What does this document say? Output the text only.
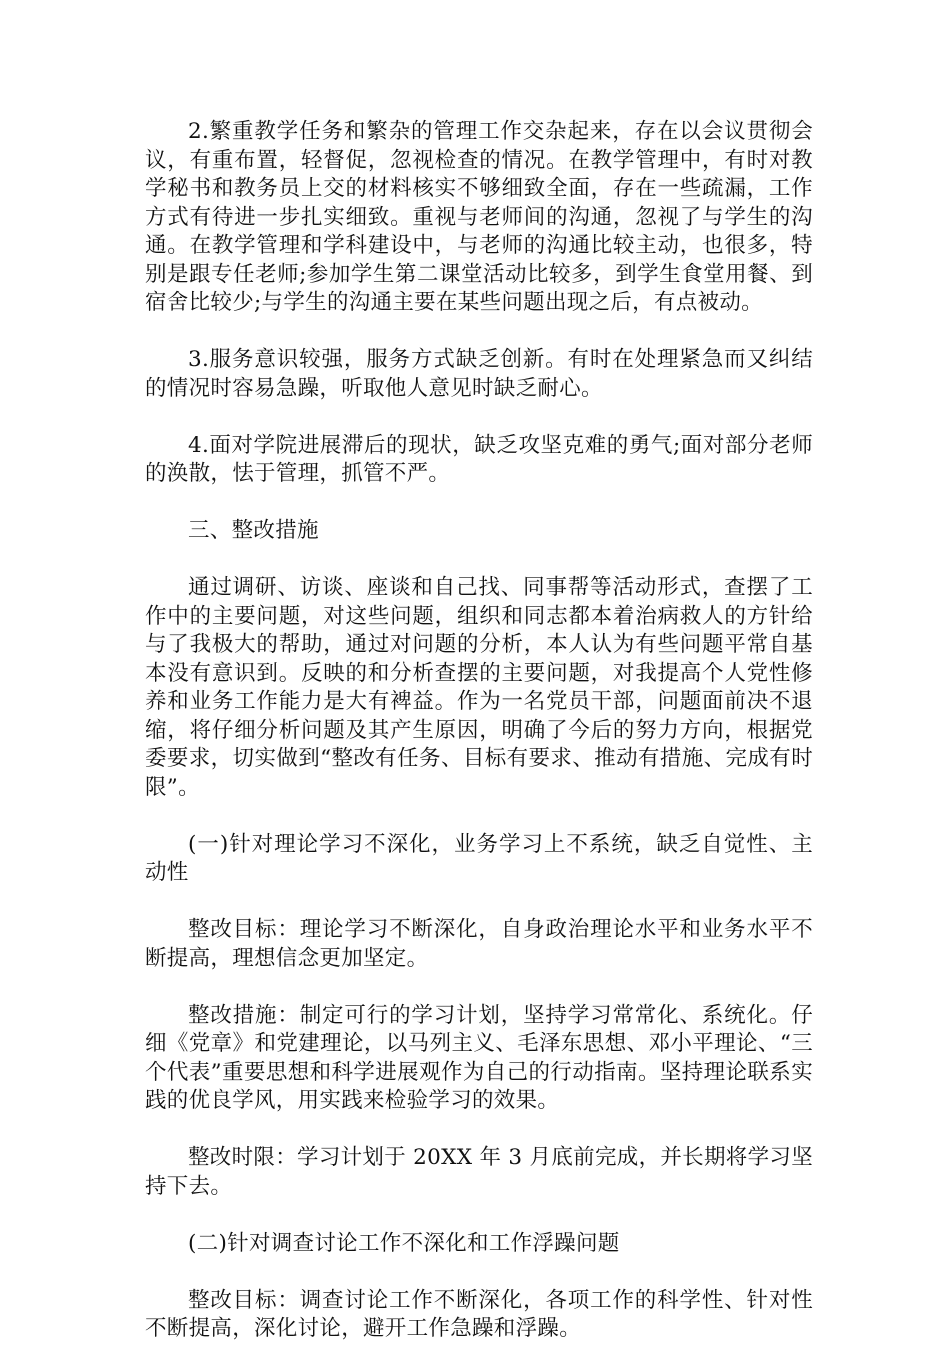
2.繁重教学任务和繁杂的管理工作交杂起来，存在以会议贯彻会议，有重布置，轻督促，忽视检查的情况。在教学管理中，有时对教学秘书和教务员上交的材料核实不够细致全面，存在一些疏漏，工作方式有待进一步扎实细致。重视与老师间的沟通，忽视了与学生的沟通。在教学管理和学科建设中，与老师的沟通比较主动，也很多，特别是跟专任老师;参加学生第二课堂活动比较多，到学生食堂用餐、到宿舍比较少;与学生的沟通主要在某些问题出现之后，有点被动。

3.服务意识较强，服务方式缺乏创新。有时在处理紧急而又纠结的情况时容易急躁，听取他人意见时缺乏耐心。

4.面对学院进展滞后的现状，缺乏攻坚克难的勇气;面对部分老师的涣散，怯于管理，抓管不严。

三、整改措施

通过调研、访谈、座谈和自己找、同事帮等活动形式，查摆了工作中的主要问题，对这些问题，组织和同志都本着治病救人的方针给与了我极大的帮助，通过对问题的分析，本人认为有些问题平常自基本没有意识到。反映的和分析查摆的主要问题，对我提高个人党性修养和业务工作能力是大有裨益。作为一名党员干部，问题面前决不退缩，将仔细分析问题及其产生原因，明确了今后的努力方向，根据党委要求，切实做到“整改有任务、目标有要求、推动有措施、完成有时限”。

(一)针对理论学习不深化，业务学习上不系统，缺乏自觉性、主动性

整改目标：理论学习不断深化，自身政治理论水平和业务水平不断提高，理想信念更加坚定。

整改措施：制定可行的学习计划，坚持学习常常化、系统化。仔细《党章》和党建理论，以马列主义、毛泽东思想、邓小平理论、“三个代表”重要思想和科学进展观作为自己的行动指南。坚持理论联系实践的优良学风，用实践来检验学习的效果。

整改时限：学习计划于 20XX 年 3 月底前完成，并长期将学习坚持下去。

(二)针对调查讨论工作不深化和工作浮躁问题

整改目标：调查讨论工作不断深化，各项工作的科学性、针对性不断提高，深化讨论，避开工作急躁和浮躁。
